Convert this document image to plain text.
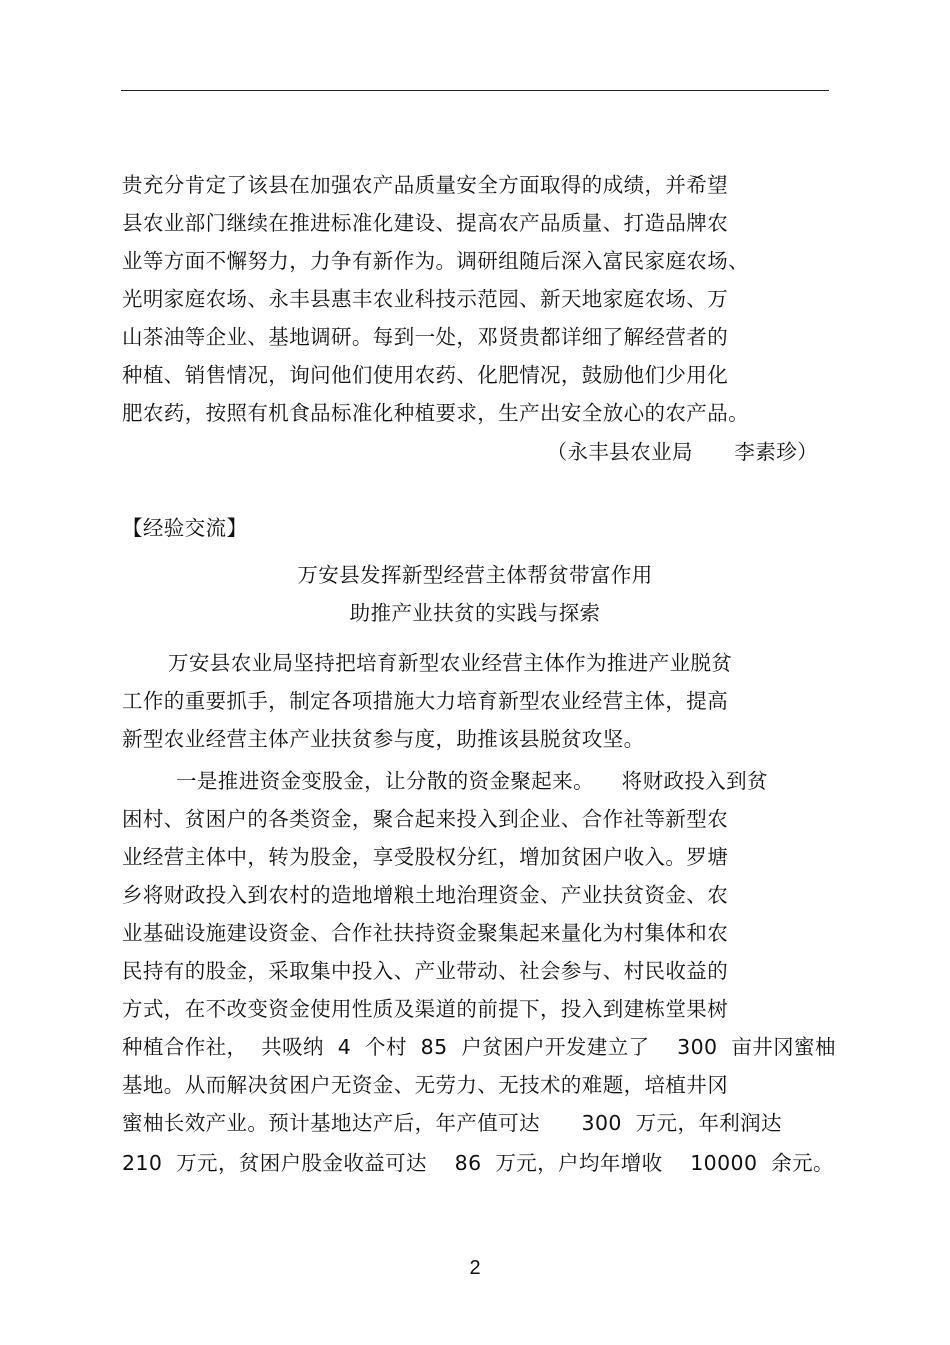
贵充分肯定了该县在加强农产品质量安全方面取得的成绩，并希望
县农业部门继续在推进标准化建设、提高农产品质量、打造品牌农
业等方面不懈努力，力争有新作为。调研组随后深入富民家庭农场、
光明家庭农场、永丰县惠丰农业科技示范园、新天地家庭农场、万
山茶油等企业、基地调研。每到一处，邓贤贵都详细了解经营者的
种植、销售情况，询问他们使用农药、化肥情况，鼓励他们少用化
肥农药，按照有机食品标准化种植要求，生产出安全放心的农产品。
（永丰县农业局      李素珍）
【经验交流】
万安县发挥新型经营主体帮贫带富作用
助推产业扶贫的实践与探索
万安县农业局坚持把培育新型农业经营主体作为推进产业脱贫
工作的重要抓手，制定各项措施大力培育新型农业经营主体，提高
新型农业经营主体产业扶贫参与度，助推该县脱贫攻坚。
一是推进资金变股金，让分散的资金聚起来。    将财政投入到贫
困村、贫困户的各类资金，聚合起来投入到企业、合作社等新型农
业经营主体中，转为股金，享受股权分红，增加贫困户收入。罗塘
乡将财政投入到农村的造地增粮土地治理资金、产业扶贫资金、农
业基础设施建设资金、合作社扶持资金聚集起来量化为村集体和农
民持有的股金，采取集中投入、产业带动、社会参与、村民收益的
方式，在不改变资金使用性质及渠道的前提下，投入到建栋堂果树
种植合作社，  共吸纳  4  个村  85  户贫困户开发建立了    300  亩井冈蜜柚
基地。从而解决贫困户无资金、无劳力、无技术的难题，培植井冈
蜜柚长效产业。预计基地达产后，年产值可达      300  万元，年利润达
210  万元，贫困户股金收益可达    86  万元，户均年增收    10000  余元。
2
